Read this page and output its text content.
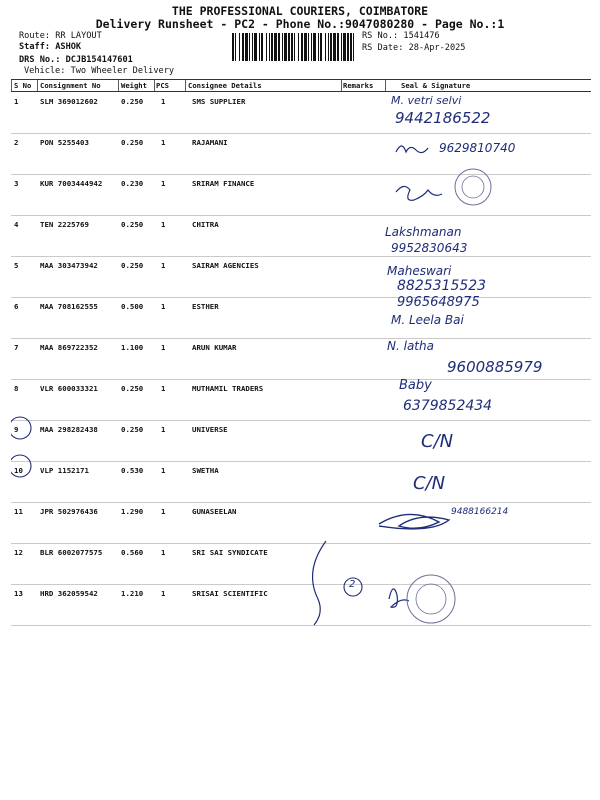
THE PROFESSIONAL COURIERS, COIMBATORE
Delivery Runsheet - PC2 - Phone No.:9047080280 - Page No.:1
Route: RR LAYOUT
Staff: ASHOK
DRS No.: DCJB154147601
Vehicle: Two Wheeler Delivery
RS No.: 1541476
RS Date: 28-Apr-2025
S No Consignment No	Weight PCS	Consignee Details	Remarks	Seal & Signature
1	SLM 369012602	0.250 1	SMS SUPPLIER
2	PON 5255403	0.250 1	RAJAMANI
3	KUR 7003444942	0.230 1	SRIRAM FINANCE
4	TEN 2225769	0.250 1	CHITRA
5	MAA 303473942	0.250 1	SAIRAM AGENCIES
6	MAA 708162555	0.500 1	ESTHER
7	MAA 869722352	1.100 1	ARUN KUMAR
8	VLR 600033321	0.250 1	MUTHAMIL TRADERS
9	MAA 298282438	0.250 1	UNIVERSE
10 VLP 1152171	0.530 1	SWETHA
11 JPR 502976436	1.290 1	GUNASEELAN
12 BLR 6002077575	0.560 1	SRI SAI SYNDICATE
13 HRD 362059542	1.210 1	SRISAI SCIENTIFIC
M. vetri selvi
9442186522
9629810740
Lakshmanan
9952830643
Maheswari
8825315523
9965648975
M. Leela Bai
N. latha
9600885979
Baby
6379852434
C/N
C/N
9488166214
2
